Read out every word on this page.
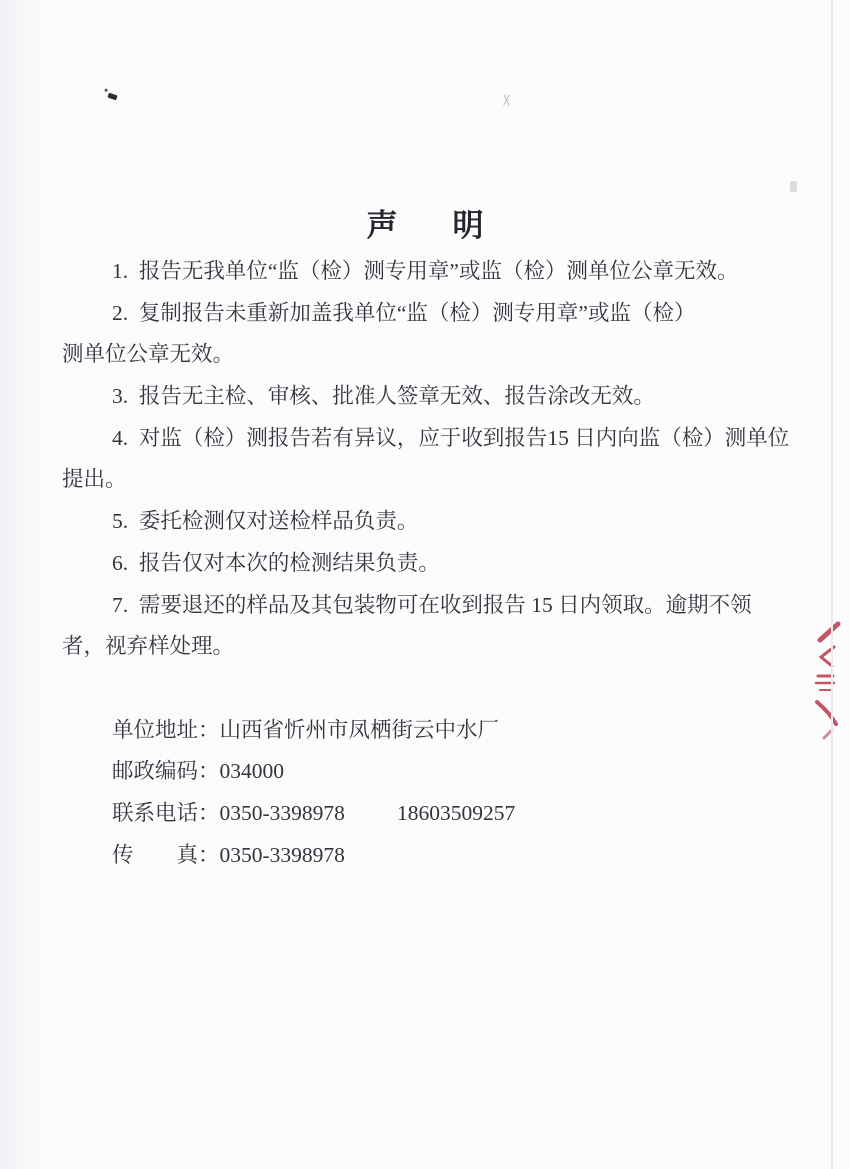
声　明
1.  报告无我单位“监（检）测专用章”或监（检）测单位公章无效。
2.  复制报告未重新加盖我单位“监（检）测专用章”或监（检）
测单位公章无效。
3.  报告无主检、审核、批准人签章无效、报告涂改无效。
4.  对监（检）测报告若有异议，应于收到报告15 日内向监（检）测单位
提出。
5.  委托检测仅对送检样品负责。
6.  报告仅对本次的检测结果负责。
7.  需要退还的样品及其包装物可在收到报告 15 日内领取。逾期不领
者，视弃样处理。
单位地址：山西省忻州市凤栖街云中水厂
邮政编码：034000
联系电话：0350-3398978 18603509257
传　　真：0350-3398978
